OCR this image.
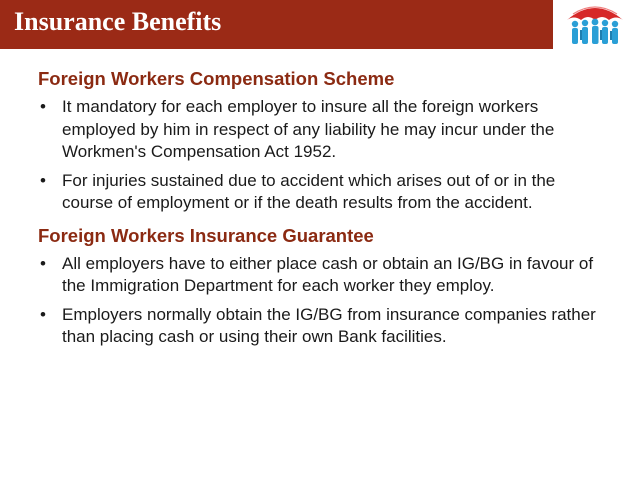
Insurance Benefits
Foreign Workers Compensation Scheme
• It mandatory for each employer to insure all the foreign workers employed by him in respect of any liability he may incur under the Workmen's Compensation Act 1952.
• For injuries sustained due to accident which arises out of or in the course of employment or if the death results from the accident.
Foreign Workers Insurance Guarantee
• All employers have to either place cash or obtain an IG/BG in favour of the Immigration Department for each worker they employ.
• Employers normally obtain the IG/BG from insurance companies rather than placing cash or using their own Bank facilities.
